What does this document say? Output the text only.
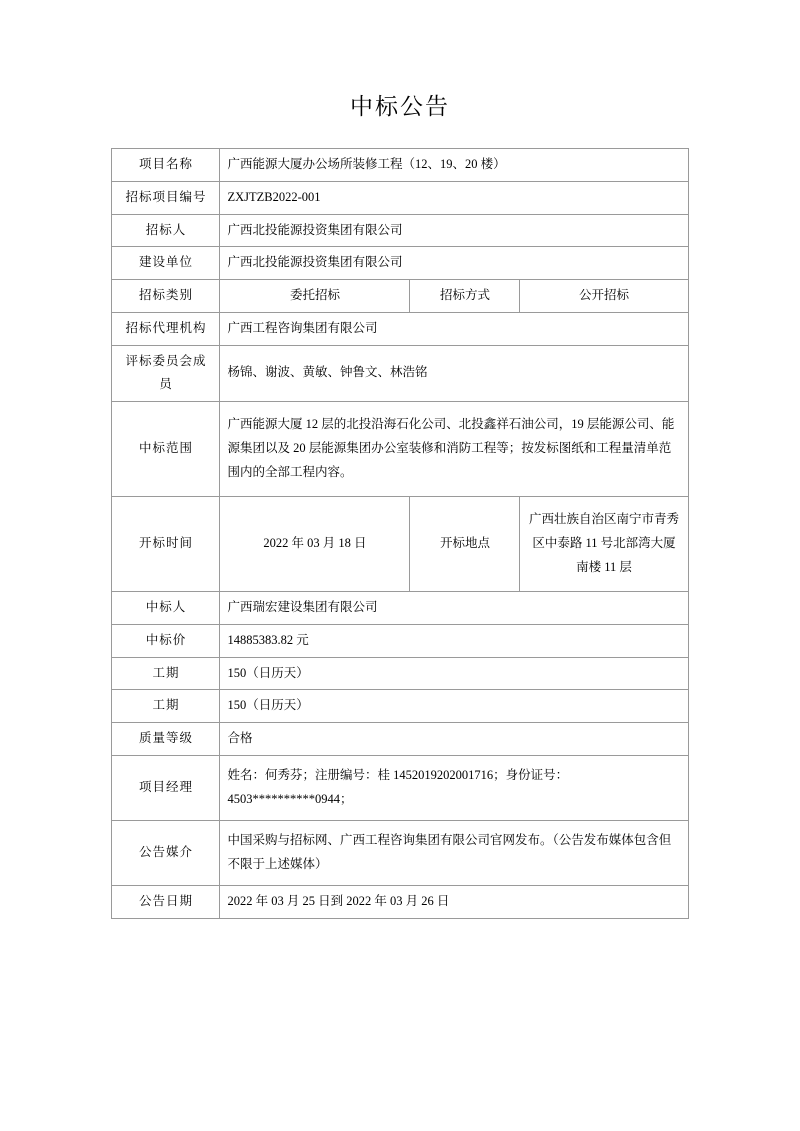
中标公告
项目名称	广西能源大厦办公场所装修工程（12、19、20 楼）		
招标项目编号	ZXJTZB2022-001		
招标人	广西北投能源投资集团有限公司		
建设单位	广西北投能源投资集团有限公司		
招标类别	委托招标	招标方式	公开招标
招标代理机构	广西工程咨询集团有限公司		
评标委员会成员	杨锦、谢波、黄敏、钟鲁文、林浩铭		
中标范围	广西能源大厦 12 层的北投沿海石化公司、北投鑫祥石油公司，19 层能源公司、能源集团以及 20 层能源集团办公室装修和消防工程等；按发标图纸和工程量清单范围内的全部工程内容。		
开标时间	2022 年 03 月 18 日	开标地点	广西壮族自治区南宁市青秀区中泰路 11 号北部湾大厦南楼 11 层
中标人	广西瑞宏建设集团有限公司		
中标价	14885383.82 元		
工期	150（日历天）		
工期	150（日历天）		
质量等级	合格		
项目经理	姓名：何秀芬；注册编号：桂 1452019202001716；身份证号：4503**********0944；		
公告媒介	中国采购与招标网、广西工程咨询集团有限公司官网发布。（公告发布媒体包含但不限于上述媒体）		
公告日期	2022 年 03 月 25 日到 2022 年 03 月 26 日		
